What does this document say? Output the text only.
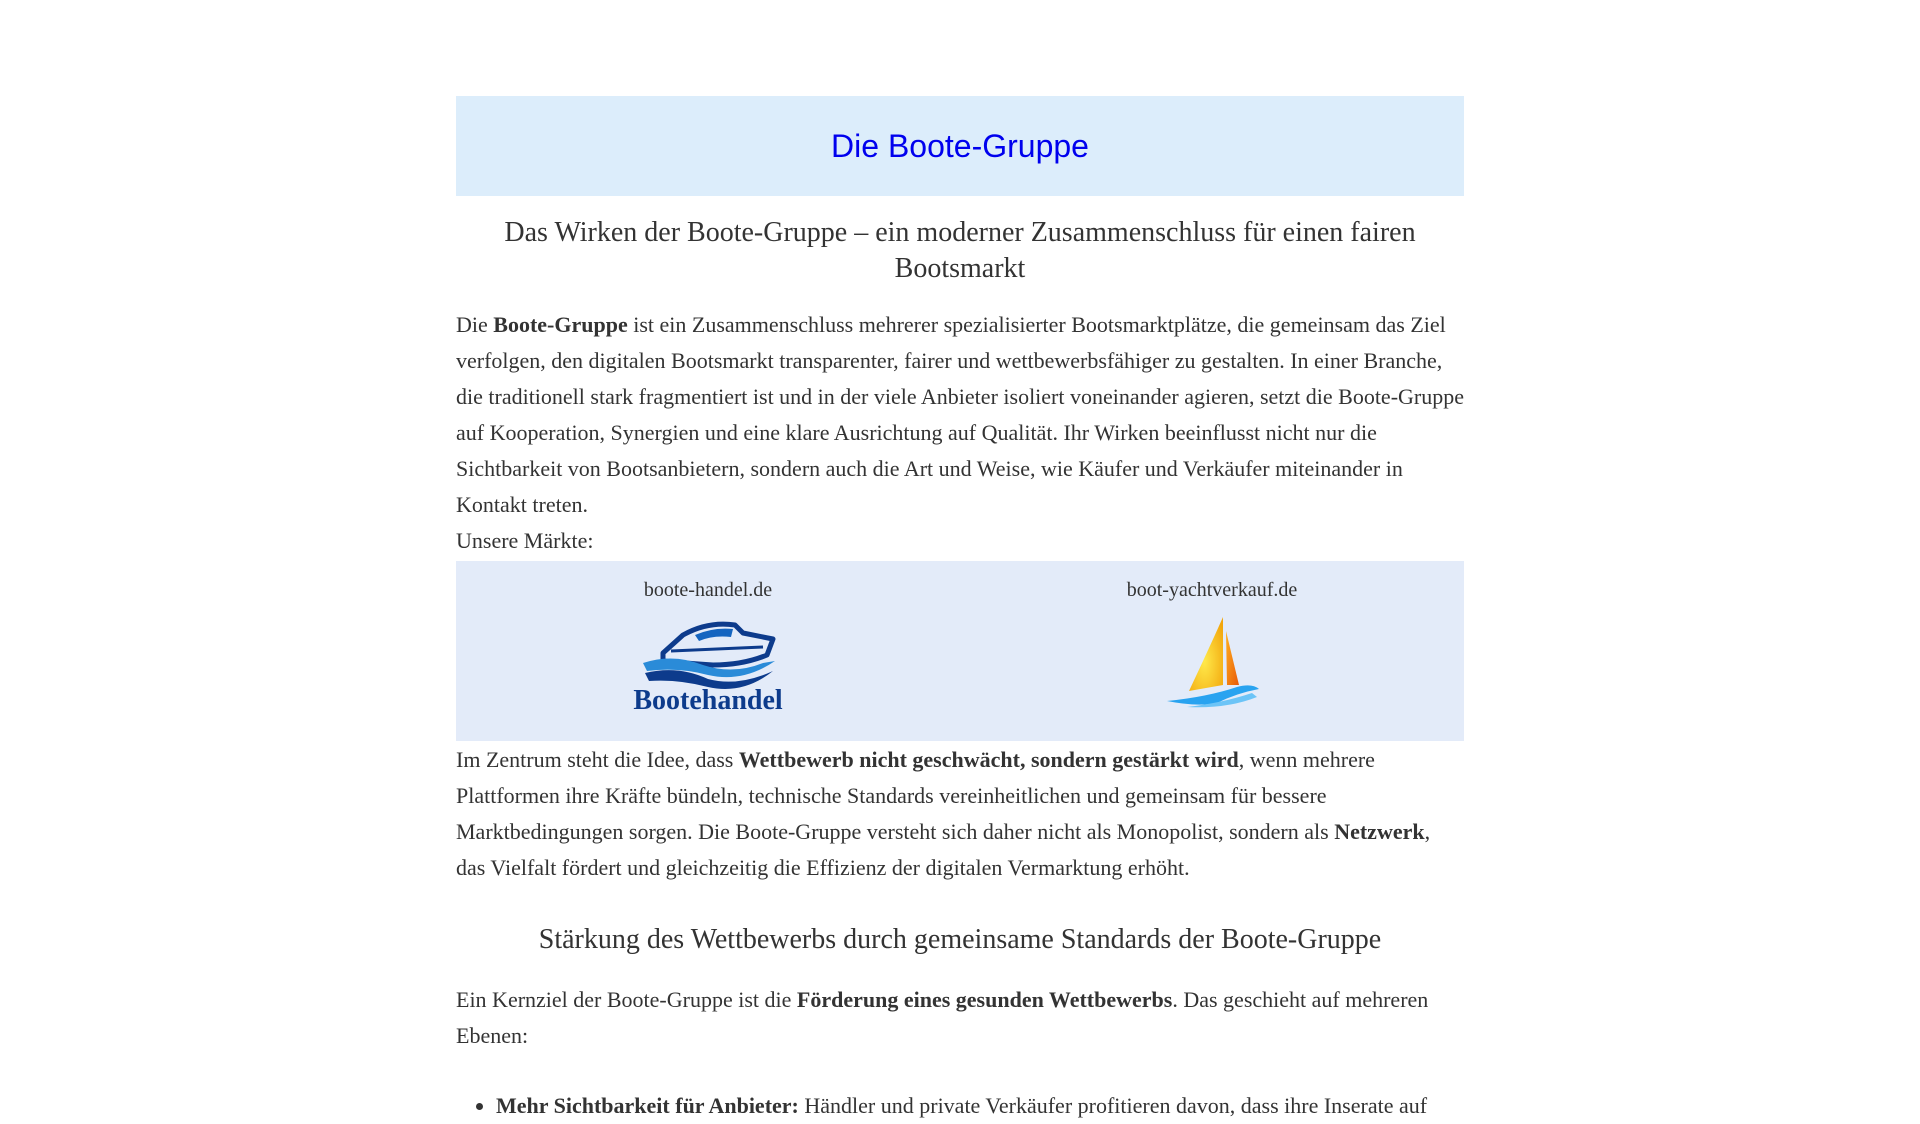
Die Boote-Gruppe
Das Wirken der Boote-Gruppe – ein moderner Zusammenschluss für einen fairen Bootsmarkt

Die Boote-Gruppe ist ein Zusammenschluss mehrerer spezialisierter Bootsmarktplätze, die gemeinsam das Ziel verfolgen, den digitalen Bootsmarkt transparenter, fairer und wettbewerbsfähiger zu gestalten. In einer Branche, die traditionell stark fragmentiert ist und in der viele Anbieter isoliert voneinander agieren, setzt die Boote-Gruppe auf Kooperation, Synergien und eine klare Ausrichtung auf Qualität. Ihr Wirken beeinflusst nicht nur die Sichtbarkeit von Bootsanbietern, sondern auch die Art und Weise, wie Käufer und Verkäufer miteinander in Kontakt treten.

Unsere Märkte:

boote-handel.de
Bootehandel
boot-yachtverkauf.de

Im Zentrum steht die Idee, dass Wettbewerb nicht geschwächt, sondern gestärkt wird, wenn mehrere Plattformen ihre Kräfte bündeln, technische Standards vereinheitlichen und gemeinsam für bessere Marktbedingungen sorgen. Die Boote-Gruppe versteht sich daher nicht als Monopolist, sondern als Netzwerk, das Vielfalt fördert und gleichzeitig die Effizienz der digitalen Vermarktung erhöht.

Stärkung des Wettbewerbs durch gemeinsame Standards der Boote-Gruppe

Ein Kernziel der Boote-Gruppe ist die Förderung eines gesunden Wettbewerbs. Das geschieht auf mehreren Ebenen:

• Mehr Sichtbarkeit für Anbieter: Händler und private Verkäufer profitieren davon, dass ihre Inserate auf
